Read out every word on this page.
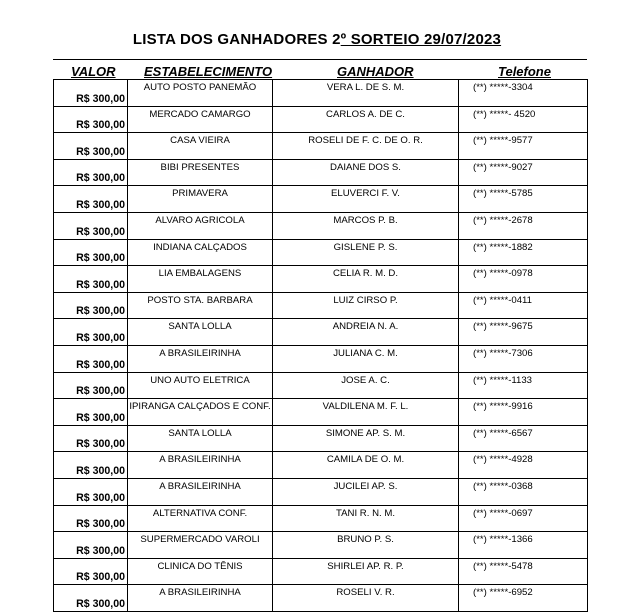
LISTA DOS GANHADORES 2º SORTEIO 29/07/2023
VALOR ESTABELECIMENTO	GANHADOR	Telefone
R$ 300,00	AUTO POSTO PANEMÃO	VERA L. DE S. M.	(**) *****-3304
R$ 300,00	MERCADO CAMARGO	CARLOS A. DE C.	(**) *****- 4520
R$ 300,00	CASA VIEIRA	ROSELI DE F. C. DE O. R.	(**) *****-9577
R$ 300,00	BIBI PRESENTES	DAIANE DOS S.	(**) *****-9027
R$ 300,00	PRIMAVERA	ELUVERCI F. V.	(**) *****-5785
R$ 300,00	ALVARO AGRICOLA	MARCOS P. B.	(**) *****-2678
R$ 300,00	INDIANA CALÇADOS	GISLENE P. S.	(**) *****-1882
R$ 300,00	LIA EMBALAGENS	CELIA R. M. D.	(**) *****-0978
R$ 300,00	POSTO STA. BARBARA	LUIZ CIRSO P.	(**) *****-0411
R$ 300,00	SANTA LOLLA	ANDREIA N. A.	(**) *****-9675
R$ 300,00	A BRASILEIRINHA	JULIANA C. M.	(**) *****-7306
R$ 300,00	UNO AUTO ELETRICA	JOSE A. C.	(**) *****-1133
R$ 300,00	IPIRANGA CALÇADOS E CONF.	VALDILENA M. F. L.	(**) *****-9916
R$ 300,00	SANTA LOLLA	SIMONE AP. S. M.	(**) *****-6567
R$ 300,00	A BRASILEIRINHA	CAMILA DE O. M.	(**) *****-4928
R$ 300,00	A BRASILEIRINHA	JUCILEI AP. S.	(**) *****-0368
R$ 300,00	ALTERNATIVA CONF.	TANI R. N. M.	(**) *****-0697
R$ 300,00	SUPERMERCADO VAROLI	BRUNO P. S.	(**) *****-1366
R$ 300,00	CLINICA DO TÊNIS	SHIRLEI AP. R. P.	(**) *****-5478
R$ 300,00	A BRASILEIRINHA	ROSELI V. R.	(**) *****-6952
